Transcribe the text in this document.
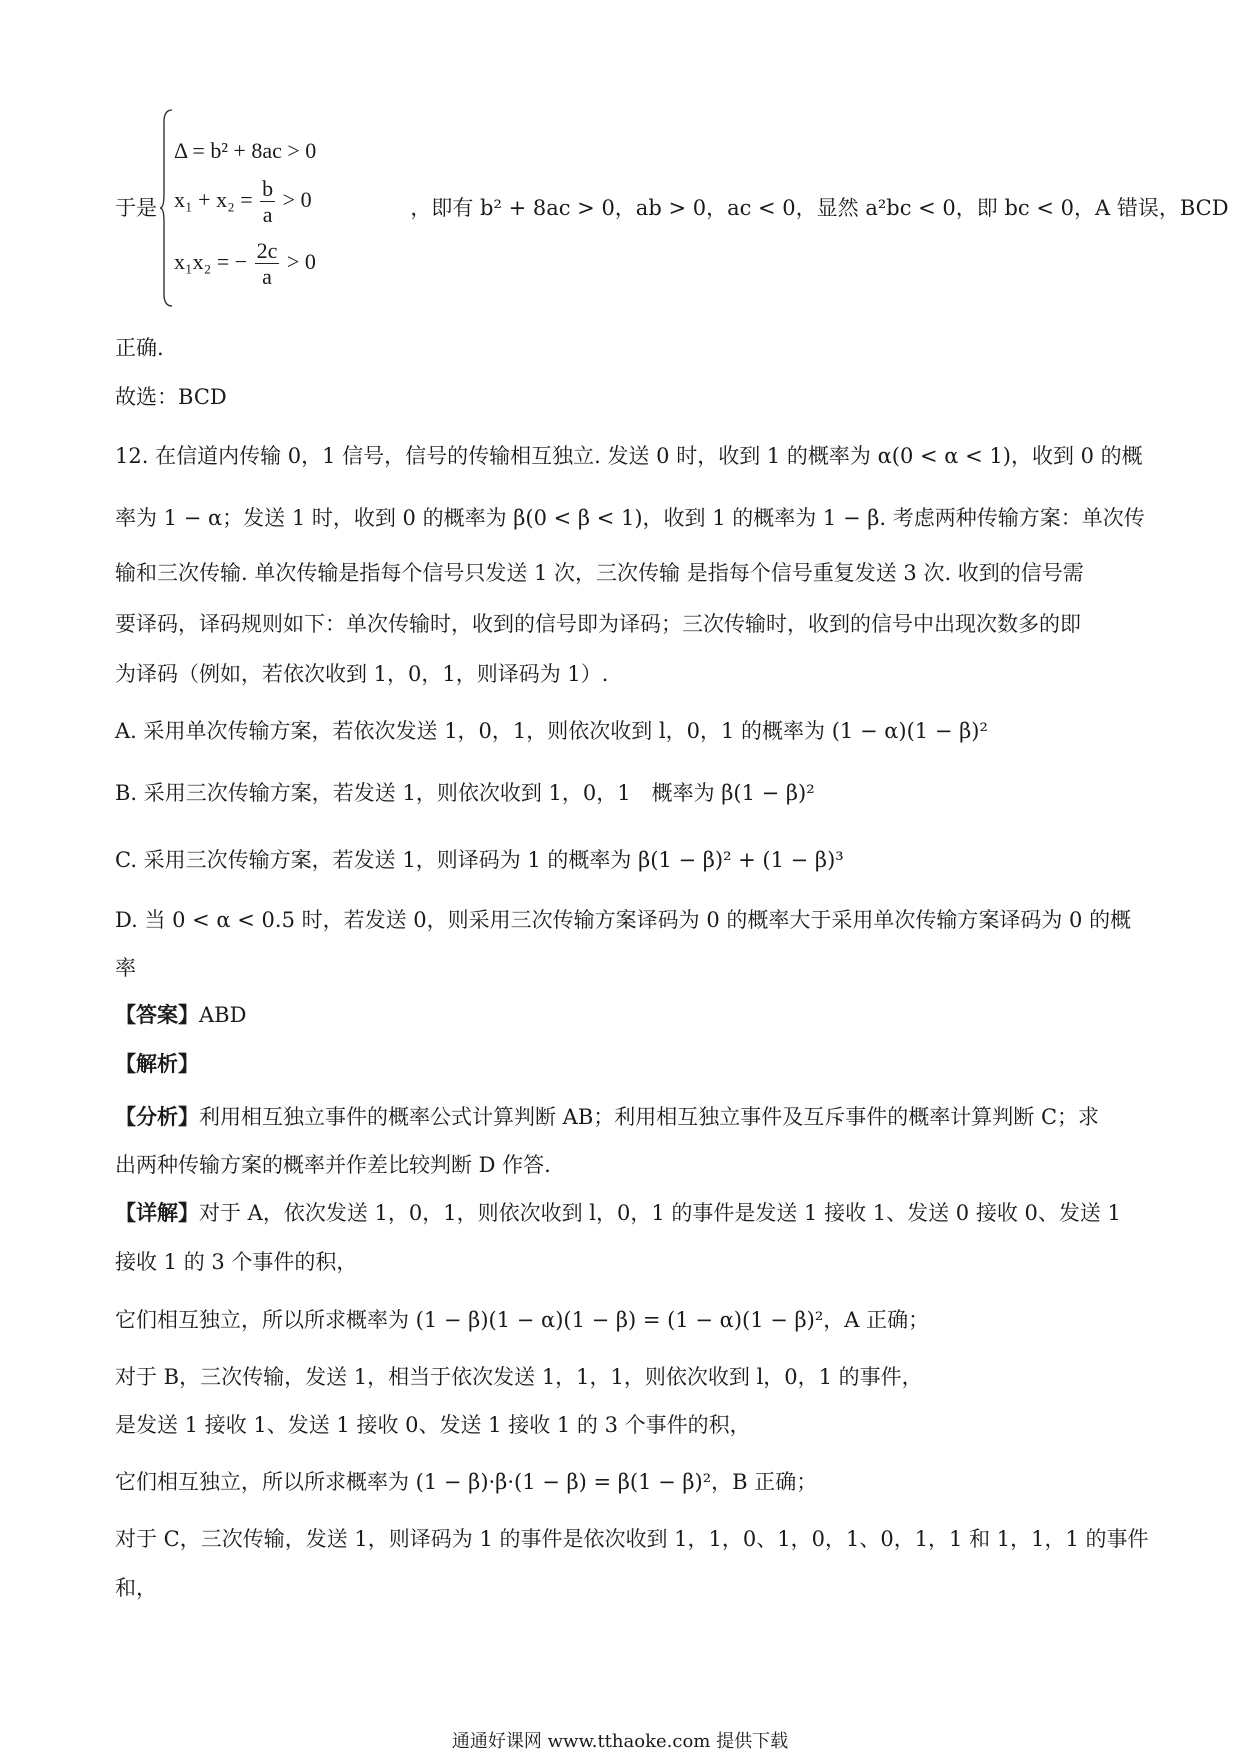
Δ = b² + 8ac > 0
$x_1 + x_2 = \frac{b}{a} > 0$
x₁x₂ = − $\frac{2c}{a} > 0$
于是	，即有 b² + 8ac > 0，ab > 0，ac < 0，显然 a²bc < 0，即 bc < 0，A 错误，BCD
正确.
故选：BCD
12. 在信道内传输 0，1 信号，信号的传输相互独立. 发送 0 时，收到 1 的概率为 α(0 < α < 1)，收到 0 的概
率为 1 − α；发送 1 时，收到 0 的概率为 β(0 < β < 1)，收到 1 的概率为 1 − β. 考虑两种传输方案：单次传
输和三次传输. 单次传输是指每个信号只发送 1 次，三次传输 是指每个信号重复发送 3 次. 收到的信号需
要译码，译码规则如下：单次传输时，收到的信号即为译码；三次传输时，收到的信号中出现次数多的即
为译码（例如，若依次收到 1，0，1，则译码为 1）.
A. 采用单次传输方案，若依次发送 1，0，1，则依次收到 l，0，1 的概率为 (1 − α)(1 − β)²
B. 采用三次传输方案，若发送 1，则依次收到 1，0，1　概率为 β(1 − β)²
C. 采用三次传输方案，若发送 1，则译码为 1 的概率为 β(1 − β)² + (1 − β)³
D. 当 0 < α < 0.5 时，若发送 0，则采用三次传输方案译码为 0 的概率大于采用单次传输方案译码为 0 的概
率
【答案】ABD
【解析】
【分析】利用相互独立事件的概率公式计算判断 AB；利用相互独立事件及互斥事件的概率计算判断 C；求
出两种传输方案的概率并作差比较判断 D 作答.
【详解】对于 A，依次发送 1，0，1，则依次收到 l，0，1 的事件是发送 1 接收 1、发送 0 接收 0、发送 1
接收 1 的 3 个事件的积，
它们相互独立，所以所求概率为 (1 − β)(1 − α)(1 − β) = (1 − α)(1 − β)²，A 正确；
对于 B，三次传输，发送 1，相当于依次发送 1，1，1，则依次收到 l，0，1 的事件，
是发送 1 接收 1、发送 1 接收 0、发送 1 接收 1 的 3 个事件的积，
它们相互独立，所以所求概率为 (1 − β)·β·(1 − β) = β(1 − β)²，B 正确；
对于 C，三次传输，发送 1，则译码为 1 的事件是依次收到 1，1，0、1，0，1、0，1，1 和 1，1，1 的事件
和，
通通好课网 www.tthaoke.com 提供下载
